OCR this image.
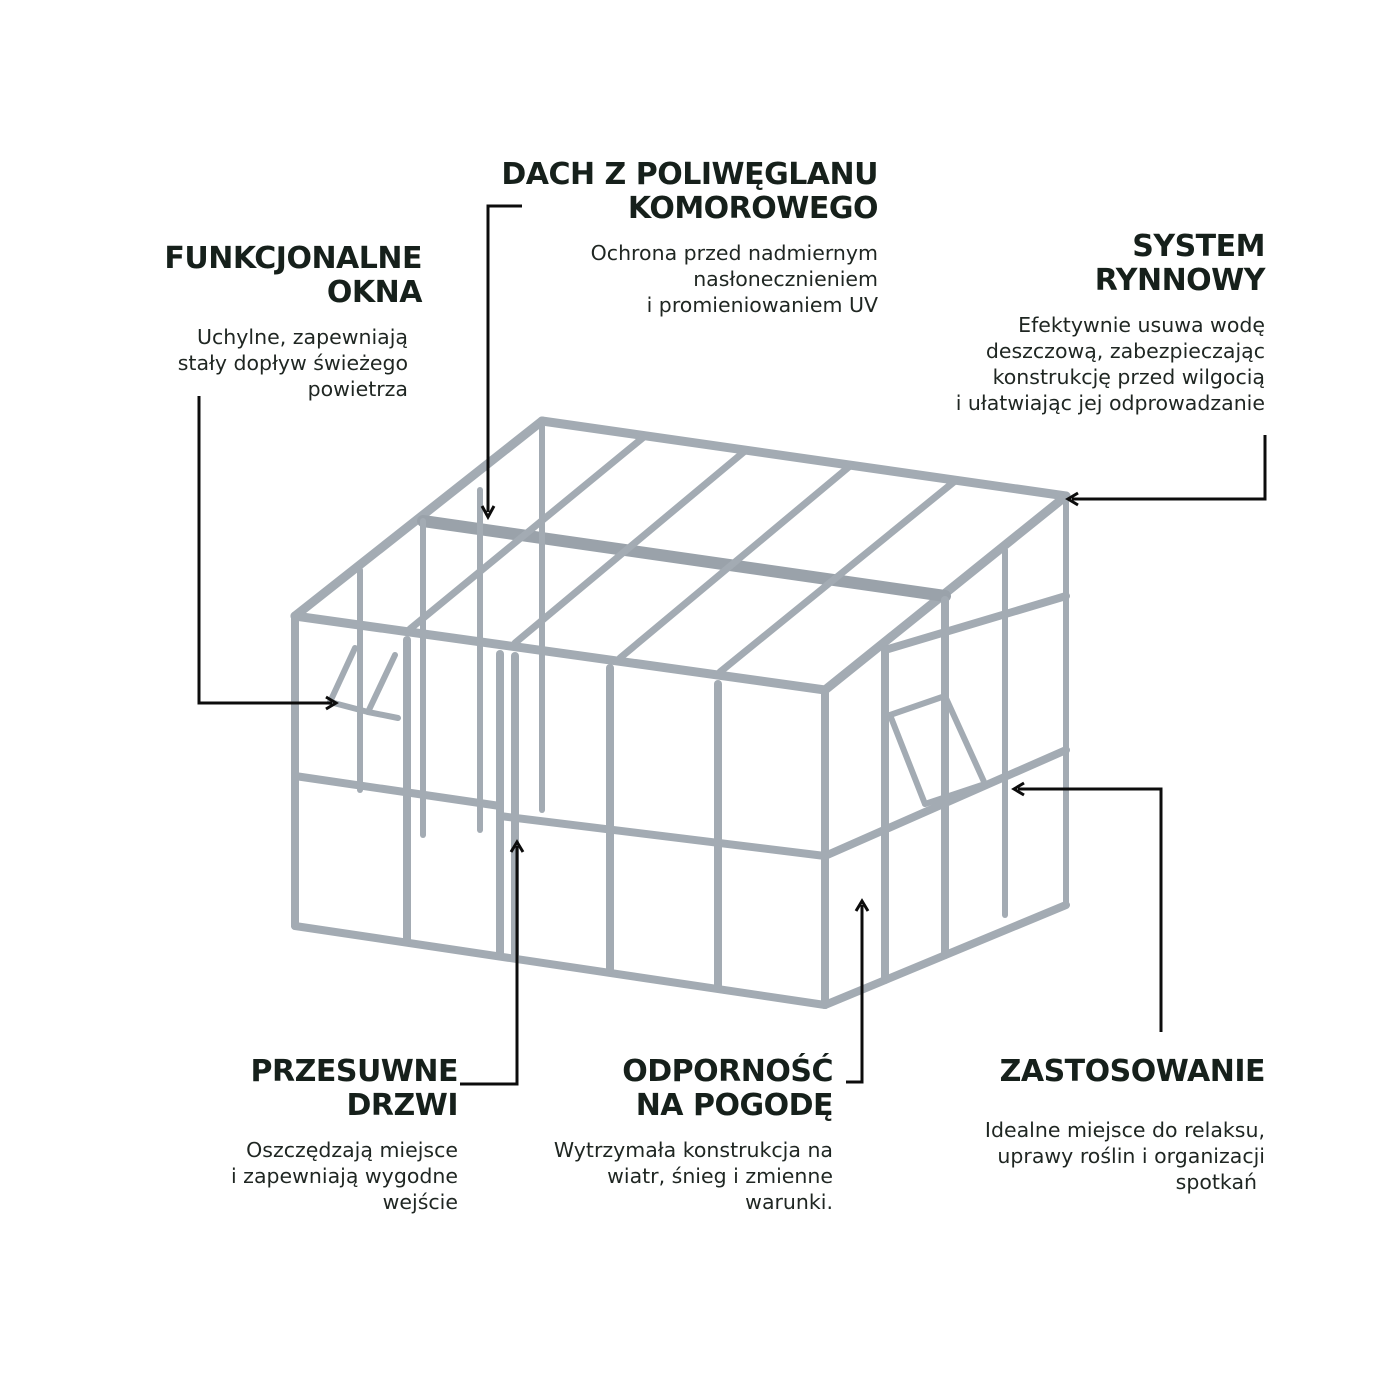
DACH Z POLIWĘGLANU
KOMOROWEGO
Ochrona przed nadmiernym
nasłonecznieniem
i promieniowaniem UV
FUNKCJONALNE
OKNA
Uchylne, zapewniają
stały dopływ świeżego
powietrza
SYSTEM
RYNNOWY
Efektywnie usuwa wodę
deszczową, zabezpieczając
konstrukcję przed wilgocią
i ułatwiając jej odprowadzanie
PRZESUWNE
DRZWI
Oszczędzają miejsce
i zapewniają wygodne
wejście
ODPORNOŚĆ
NA POGODĘ
Wytrzymała konstrukcja na
wiatr, śnieg i zmienne
warunki.
ZASTOSOWANIE
Idealne miejsce do relaksu,
uprawy roślin i organizacji
spotkań
